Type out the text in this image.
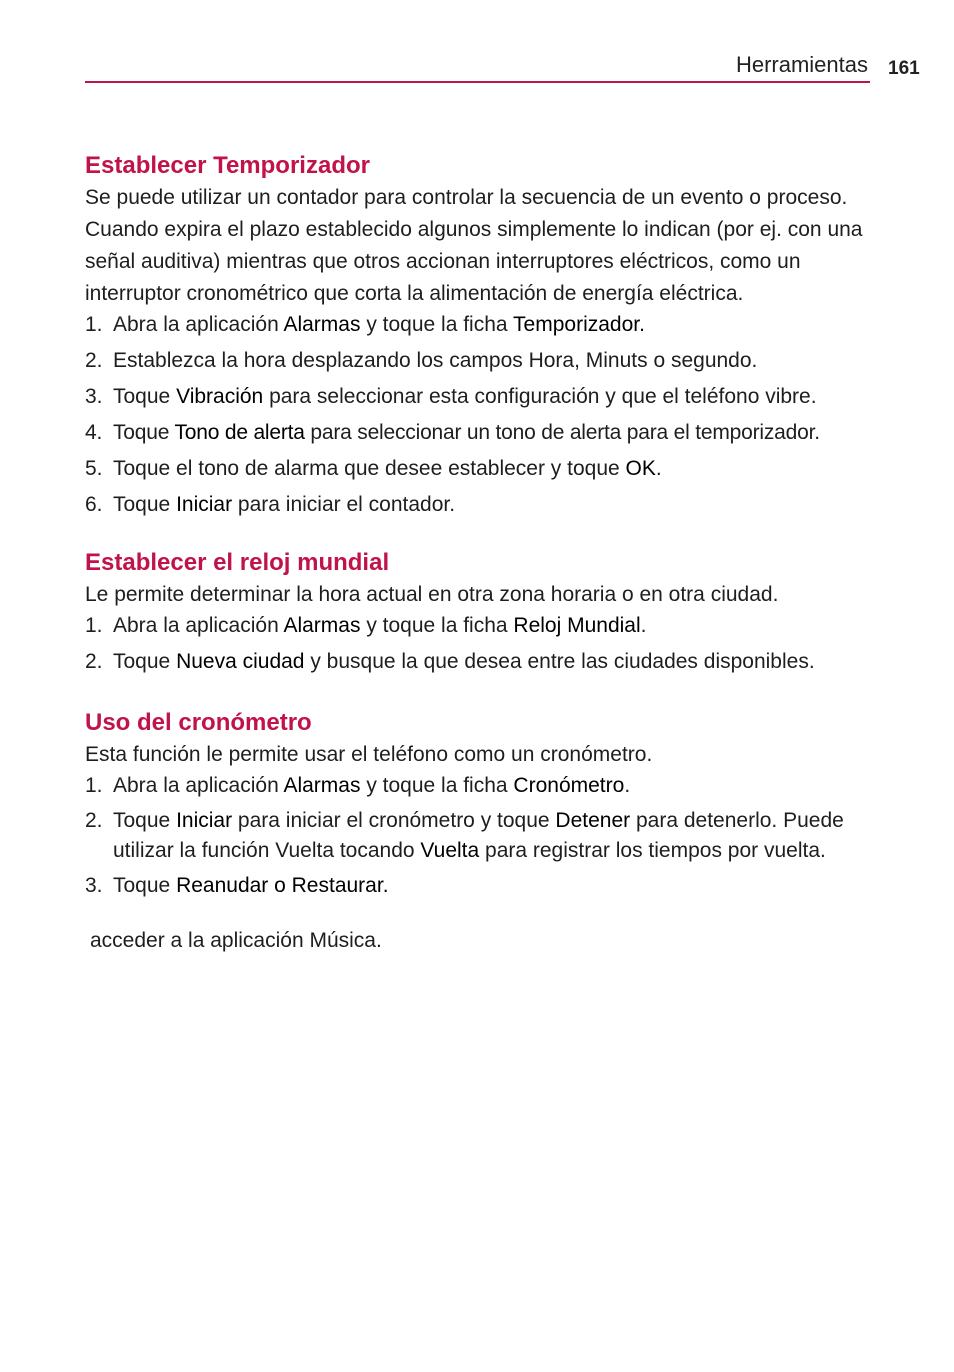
Herramientas 161
Establecer Temporizador

Se puede utilizar un contador para controlar la secuencia de un evento o proceso. Cuando expira el plazo establecido algunos simplemente lo indican (por ej. con una señal auditiva) mientras que otros accionan interruptores eléctricos, como un interruptor cronométrico que corta la alimentación de energía eléctrica.

1. Abra la aplicación Alarmas y toque la ficha Temporizador.
2. Establezca la hora desplazando los campos Hora, Minuts o segundo.
3. Toque Vibración para seleccionar esta configuración y que el teléfono vibre.
4. Toque Tono de alerta para seleccionar un tono de alerta para el temporizador.
5. Toque el tono de alarma que desee establecer y toque OK.
6. Toque Iniciar para iniciar el contador.
Establecer el reloj mundial

Le permite determinar la hora actual en otra zona horaria o en otra ciudad.

1. Abra la aplicación Alarmas y toque la ficha Reloj Mundial.
2. Toque Nueva ciudad y busque la que desea entre las ciudades disponibles.
Uso del cronómetro

Esta función le permite usar el teléfono como un cronómetro.

1. Abra la aplicación Alarmas y toque la ficha Cronómetro.
2. Toque Iniciar para iniciar el cronómetro y toque Detener para detenerlo. Puede utilizar la función Vuelta tocando Vuelta para registrar los tiempos por vuelta.
3. Toque Reanudar o Restaurar.

acceder a la aplicación Música.
